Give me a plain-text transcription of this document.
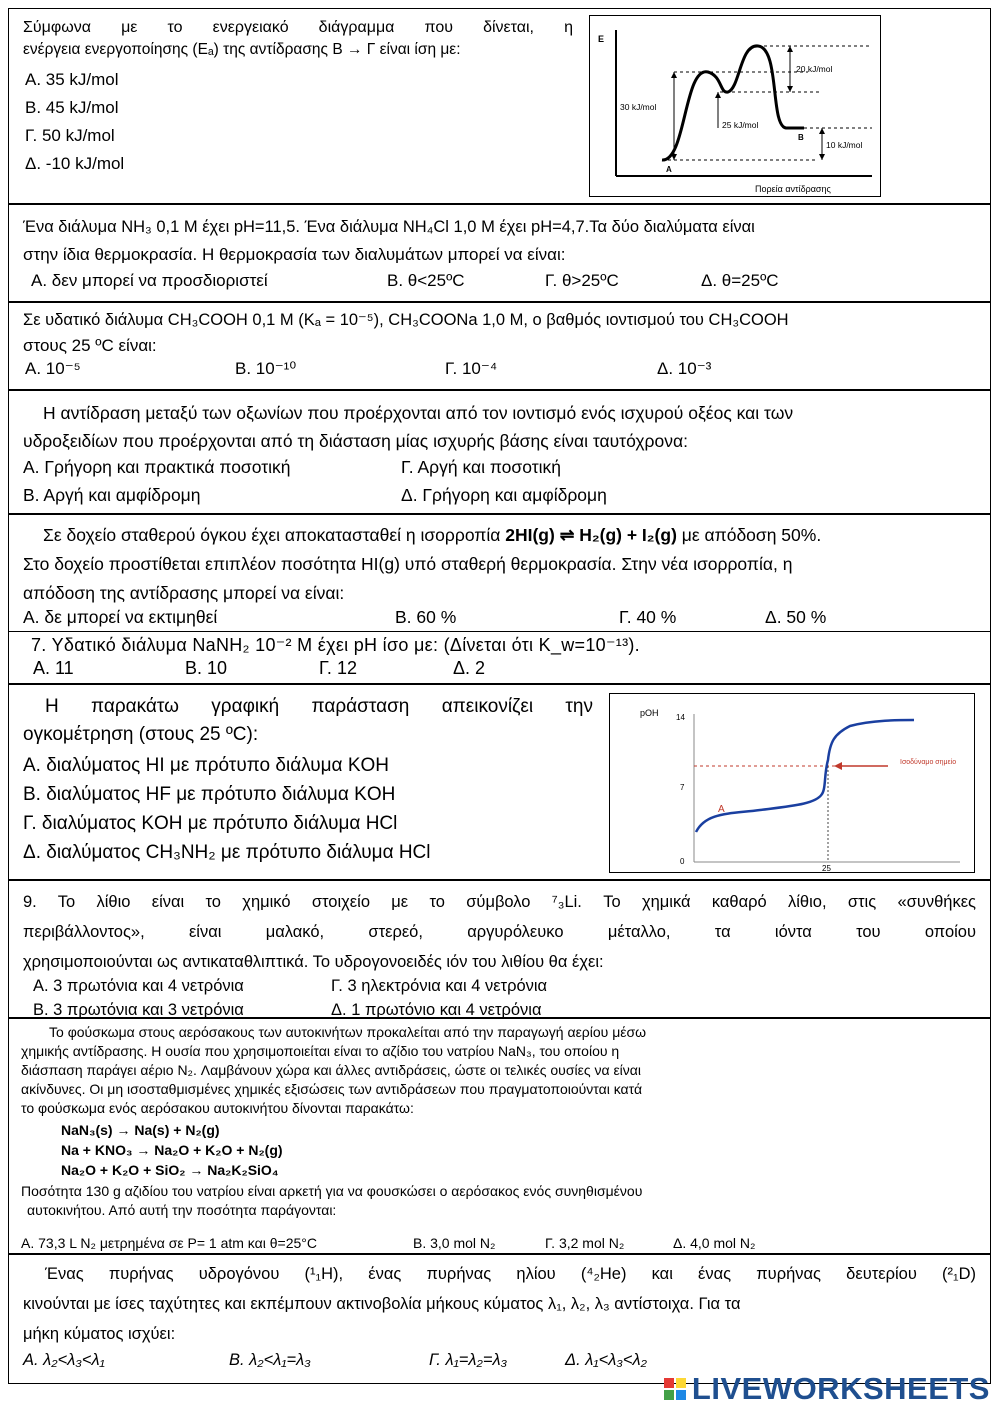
Σύμφωνα με το ενεργειακό διάγραμμα που δίνεται, η

ενέργεια ενεργοποίησης (Eₐ) της αντίδρασης Β → Γ είναι ίση με:

Α. 35 kJ/mol
Β. 45 kJ/mol
Γ. 50 kJ/mol
Δ. -10 kJ/mol
E
Πορεία αντίδρασης
30 kJ/mol
20 kJ/mol
25 kJ/mol
10 kJ/mol
Α
Β

Ένα διάλυμα NH₃ 0,1 Μ έχει pH=11,5. Ένα διάλυμα NH₄Cl 1,0 M έχει pH=4,7.Τα δύο διαλύματα είναι

στην ίδια θερμοκρασία. Η θερμοκρασία των διαλυμάτων μπορεί να είναι:

Α. δεν μπορεί να προσδιοριστεί	Β. θ<25ºC	Γ. θ>25ºC	Δ. θ=25ºC

Σε υδατικό διάλυμα CH₃COOH 0,1 M (Kₐ = 10⁻⁵), CH₃COONa 1,0 M, ο βαθμός ιοντισμού του CH₃COOH

στους 25 ºC είναι:

Α. 10⁻⁵	Β. 10⁻¹⁰	Γ. 10⁻⁴	Δ. 10⁻³

Η αντίδραση μεταξύ των οξωνίων που προέρχονται από τον ιοντισμό ενός ισχυρού οξέος και των

υδροξειδίων που προέρχονται από τη διάσταση μίας ισχυρής βάσης είναι ταυτόχρονα:

Α. Γρήγορη και πρακτικά ποσοτική	Γ. Αργή και ποσοτική
Β. Αργή και αμφίδρομη	Δ. Γρήγορη και αμφίδρομη

Σε δοχείο σταθερού όγκου έχει αποκατασταθεί η ισορροπία 2HI(g) ⇌ H₂(g) + I₂(g) με απόδοση 50%.

Στο δοχείο προστίθεται επιπλέον ποσότητα HI(g) υπό σταθερή θερμοκρασία. Στην νέα ισορροπία, η

απόδοση της αντίδρασης μπορεί να είναι:

Α. δε μπορεί να εκτιμηθεί	Β. 60 %	Γ. 40 %	Δ. 50 %

7. Υδατικό διάλυμα NaNH₂ 10⁻² M έχει pH ίσο με: (Δίνεται ότι K_w=10⁻¹³).

Α. 11	Β. 10	Γ. 12	Δ. 2

Η παρακάτω γραφική παράσταση απεικονίζει την

ογκομέτρηση (στους 25 ºC):

Α. διαλύματος HI με πρότυπο διάλυμα KOH
Β. διαλύματος HF με πρότυπο διάλυμα KOH
Γ. διαλύματος KOH με πρότυπο διάλυμα HCl
Δ. διαλύματος CH₃NH₂ με πρότυπο διάλυμα HCl
pOH 14
7
0
25
A
Ισοδύναμο σημείο

9. Το λίθιο είναι το χημικό στοιχείο με το σύμβολο ⁷₃Li. Το χημικά καθαρό λίθιο, στις «συνθήκες

περιβάλλοντος», είναι μαλακό, στερεό, αργυρόλευκο μέταλλο, τα ιόντα του οποίου

χρησιμοποιούνται ως αντικαταθλιπτικά. Το υδρογονοειδές ιόν του λιθίου θα έχει:

Α. 3 πρωτόνια και 4 νετρόνια	Γ. 3 ηλεκτρόνια και 4 νετρόνια
Β. 3 πρωτόνια και 3 νετρόνια	Δ. 1 πρωτόνιο και 4 νετρόνια

Το φούσκωμα στους αερόσακους των αυτοκινήτων προκαλείται από την παραγωγή αερίου μέσω

χημικής αντίδρασης. Η ουσία που χρησιμοποιείται είναι το αζίδιο του νατρίου NaN₃, του οποίου η

διάσπαση παράγει αέριο N₂. Λαμβάνουν χώρα και άλλες αντιδράσεις, ώστε οι τελικές ουσίες να είναι

ακίνδυνες. Οι μη ισοσταθμισμένες χημικές εξισώσεις των αντιδράσεων που πραγματοποιούνται κατά

το φούσκωμα ενός αερόσακου αυτοκινήτου δίνονται παρακάτω:

NaN₃(s) → Na(s) + N₂(g)

Na + KNO₃ → Na₂O + K₂O + N₂(g)

Na₂O + K₂O + SiO₂ → Na₂K₂SiO₄

Ποσότητα 130 g αζιδίου του νατρίου είναι αρκετή για να φουσκώσει ο αερόσακος ενός συνηθισμένου

αυτοκινήτου. Από αυτή την ποσότητα παράγονται:

Α. 73,3 L N₂ μετρημένα σε P= 1 atm και θ=25°C	Β. 3,0 mol N₂	Γ. 3,2 mol N₂	Δ. 4,0 mol N₂

Ένας πυρήνας υδρογόνου (¹₁H), ένας πυρήνας ηλίου (⁴₂He) και ένας πυρήνας δευτερίου (²₁D)

κινούνται με ίσες ταχύτητες και εκπέμπουν ακτινοβολία μήκους κύματος λ₁, λ₂, λ₃ αντίστοιχα. Για τα

μήκη κύματος ισχύει:

Α. λ₂<λ₃<λ₁	Β. λ₂<λ₁=λ₃	Γ. λ₁=λ₂=λ₃	Δ. λ₁<λ₃<λ₂
LIVEWORKSHEETS
